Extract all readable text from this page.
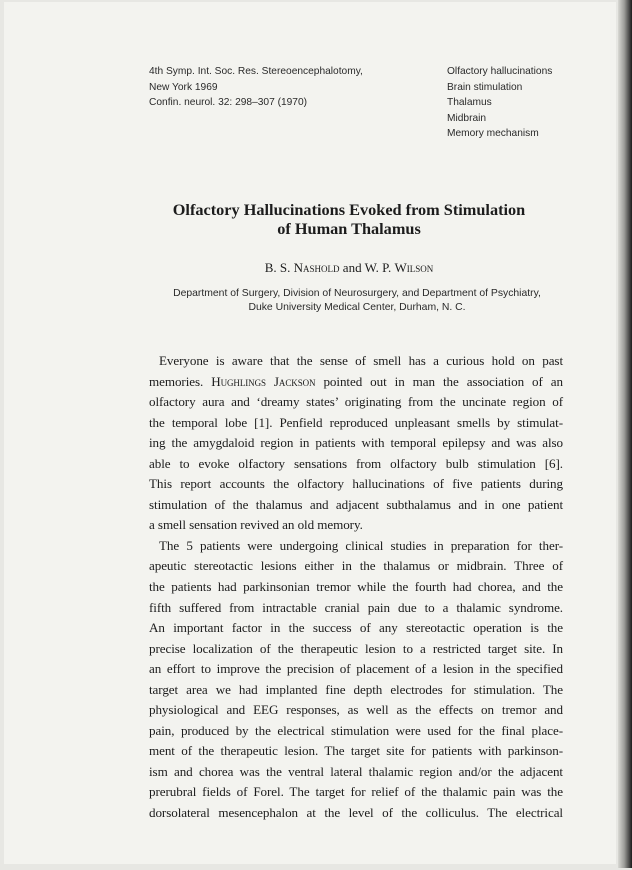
4th Symp. Int. Soc. Res. Stereoencephalotomy,
New York 1969
Confin. neurol. 32: 298–307 (1970)
Olfactory hallucinations
Brain stimulation
Thalamus
Midbrain
Memory mechanism
Olfactory Hallucinations Evoked from Stimulation
of Human Thalamus
B. S. Nashold and W. P. Wilson
Department of Surgery, Division of Neurosurgery, and Department of Psychiatry,
Duke University Medical Center, Durham, N. C.
Everyone is aware that the sense of smell has a curious hold on past
memories. Hughlings Jackson pointed out in man the association of an
olfactory aura and ‘dreamy states’ originating from the uncinate region of
the temporal lobe [1]. Penfield reproduced unpleasant smells by stimulat-
ing the amygdaloid region in patients with temporal epilepsy and was also
able to evoke olfactory sensations from olfactory bulb stimulation [6].
This report accounts the olfactory hallucinations of five patients during
stimulation of the thalamus and adjacent subthalamus and in one patient
a smell sensation revived an old memory.
The 5 patients were undergoing clinical studies in preparation for ther-
apeutic stereotactic lesions either in the thalamus or midbrain. Three of
the patients had parkinsonian tremor while the fourth had chorea, and the
fifth suffered from intractable cranial pain due to a thalamic syndrome.
An important factor in the success of any stereotactic operation is the
precise localization of the therapeutic lesion to a restricted target site. In
an effort to improve the precision of placement of a lesion in the specified
target area we had implanted fine depth electrodes for stimulation. The
physiological and EEG responses, as well as the effects on tremor and
pain, produced by the electrical stimulation were used for the final place-
ment of the therapeutic lesion. The target site for patients with parkinson-
ism and chorea was the ventral lateral thalamic region and/or the adjacent
prerubral fields of Forel. The target for relief of the thalamic pain was the
dorsolateral mesencephalon at the level of the colliculus. The electrical
